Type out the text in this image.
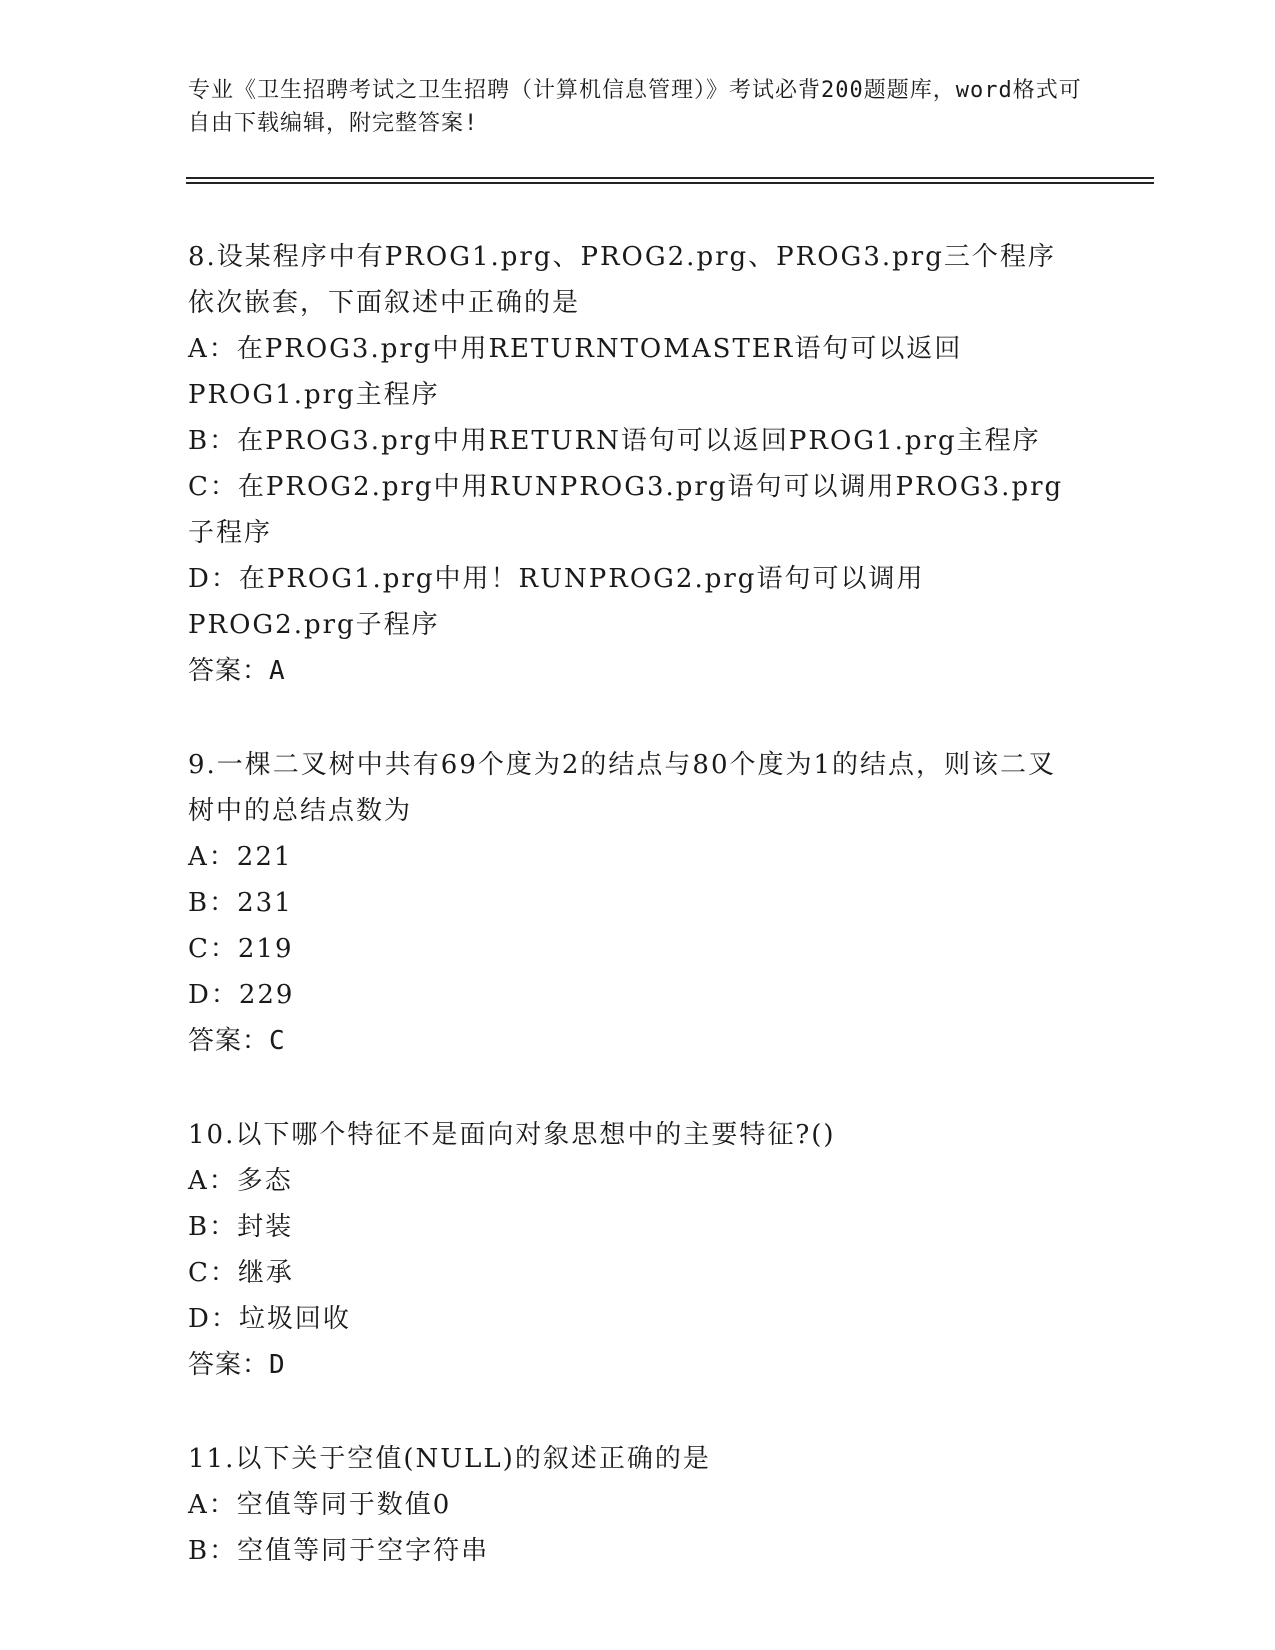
专业《卫生招聘考试之卫生招聘（计算机信息管理）》考试必背200题题库，word格式可自由下载编辑，附完整答案!
8.设某程序中有PROG1.prg、PROG2.prg、PROG3.prg三个程序依次嵌套，下面叙述中正确的是
A：在PROG3.prg中用RETURNTOMASTER语句可以返回PROG1.prg主程序
B：在PROG3.prg中用RETURN语句可以返回PROG1.prg主程序
C：在PROG2.prg中用RUNPROG3.prg语句可以调用PROG3.prg子程序
D：在PROG1.prg中用！RUNPROG2.prg语句可以调用PROG2.prg子程序
答案：A
9.一棵二叉树中共有69个度为2的结点与80个度为1的结点，则该二叉树中的总结点数为
A：221
B：231
C：219
D：229
答案：C
10.以下哪个特征不是面向对象思想中的主要特征?()
A：多态
B：封装
C：继承
D：垃圾回收
答案：D
11.以下关于空值(NULL)的叙述正确的是
A：空值等同于数值0
B：空值等同于空字符串
